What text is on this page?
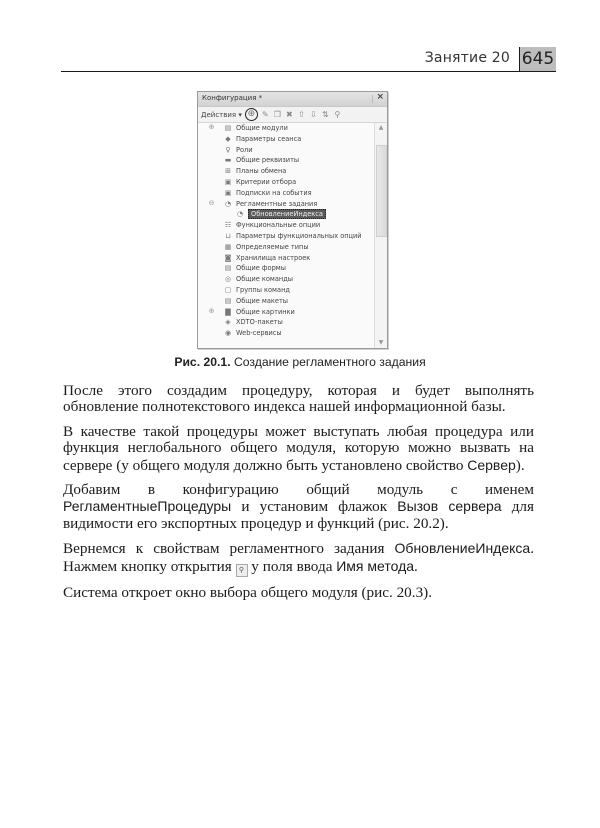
Занятие 20 645
Конфигурация *	×
Действия ▾ ⊕ ✎ ❐ ✖ ⇧ ⇩ ⇅ ⚲
⊕ ▤ Общие модули
◆ Параметры сеанса
♀ Роли
▬ Общие реквизиты
⊞ Планы обмена
▣ Критерии отбора
▣ Подписки на события
⊖ ◔ Регламентные задания
◔	ОбновлениеИндекса
☷ Функциональные опции
⊔ Параметры функциональных опций
▦ Определяемые типы
◙ Хранилища настроек
▤ Общие формы
◎ Общие команды
▢ Группы команд
▤ Общие макеты
⊕ ▇ Общие картинки
◈ XDTO-пакеты
◉ Web-сервисы
▲
▼
Рис. 20.1. Создание регламентного задания

После этого создадим процедуру, которая и будет выполнять обновление полнотекстового индекса нашей информационной базы.

В качестве такой процедуры может выступать любая процедура или функция неглобального общего модуля, которую можно вызвать на сервере (у общего модуля должно быть установлено свойство Сервер).

Добавим в конфигурацию общий модуль с именем РегламентныеПроцедуры и установим флажок Вызов сервера для видимости его экспортных процедур и функций (рис. 20.2).

Вернемся к свойствам регламентного задания ОбновлениеИндекса. Нажмем кнопку открытия ⚲ у поля ввода Имя метода.

Система откроет окно выбора общего модуля (рис. 20.3).
